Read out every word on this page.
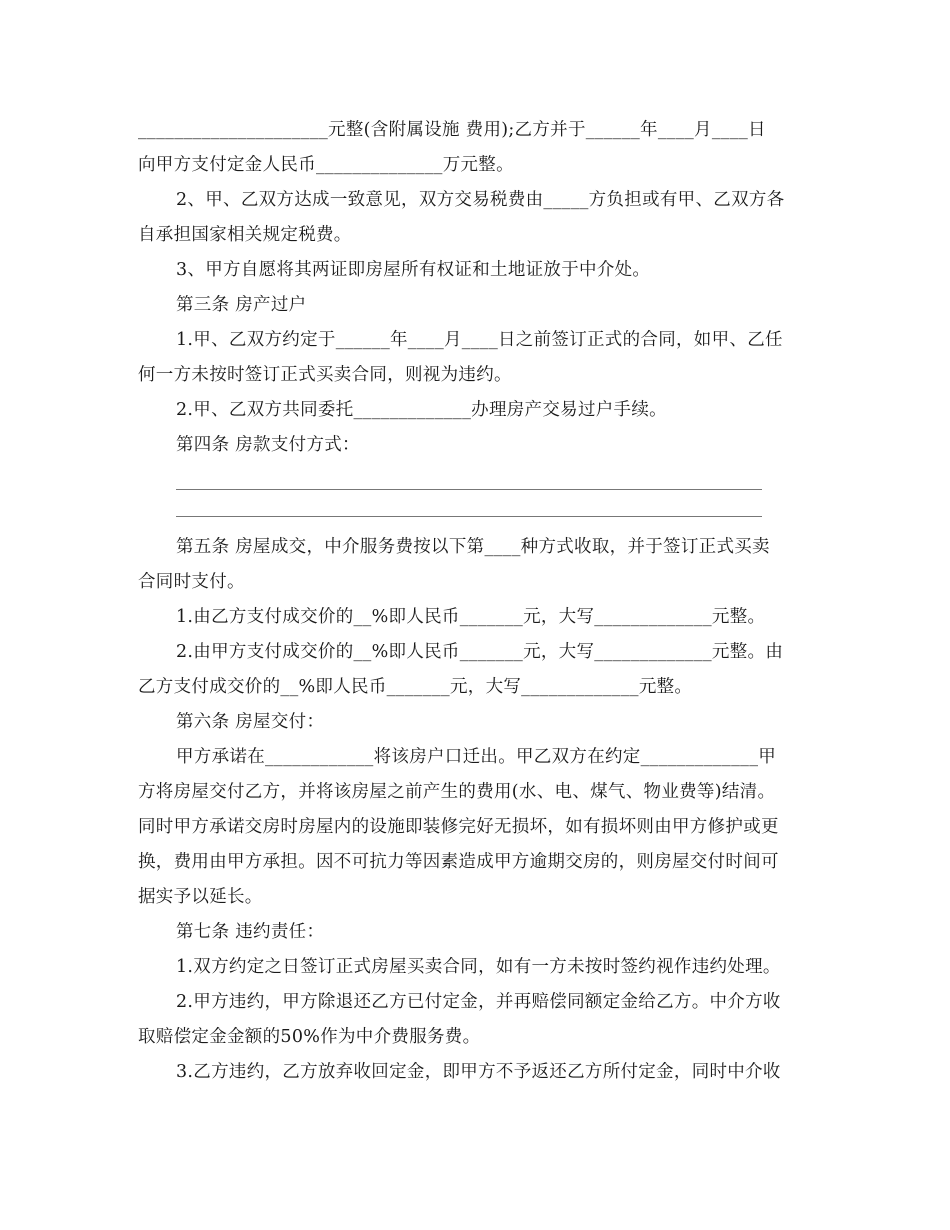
_____________________元整(含附属设施 费用);乙方并于______年____月____日

向甲方支付定金人民币______________万元整。

2、甲、乙双方达成一致意见，双方交易税费由_____方负担或有甲、乙双方各

自承担国家相关规定税费。

3、甲方自愿将其两证即房屋所有权证和土地证放于中介处。

第三条 房产过户

1.甲、乙双方约定于______年____月____日之前签订正式的合同，如甲、乙任

何一方未按时签订正式买卖合同，则视为违约。

2.甲、乙双方共同委托_____________办理房产交易过户手续。

第四条 房款支付方式：

第五条 房屋成交，中介服务费按以下第____种方式收取，并于签订正式买卖

合同时支付。

1.由乙方支付成交价的__%即人民币_______元，大写_____________元整。

2.由甲方支付成交价的__%即人民币_______元，大写_____________元整。由

乙方支付成交价的__%即人民币_______元，大写_____________元整。

第六条 房屋交付：

甲方承诺在____________将该房户口迁出。甲乙双方在约定_____________甲

方将房屋交付乙方，并将该房屋之前产生的费用(水、电、煤气、物业费等)结清。

同时甲方承诺交房时房屋内的设施即装修完好无损坏，如有损坏则由甲方修护或更

换，费用由甲方承担。因不可抗力等因素造成甲方逾期交房的，则房屋交付时间可

据实予以延长。

第七条 违约责任：

1.双方约定之日签订正式房屋买卖合同，如有一方未按时签约视作违约处理。

2.甲方违约，甲方除退还乙方已付定金，并再赔偿同额定金给乙方。中介方收

取赔偿定金金额的50%作为中介费服务费。

3.乙方违约，乙方放弃收回定金，即甲方不予返还乙方所付定金，同时中介收
